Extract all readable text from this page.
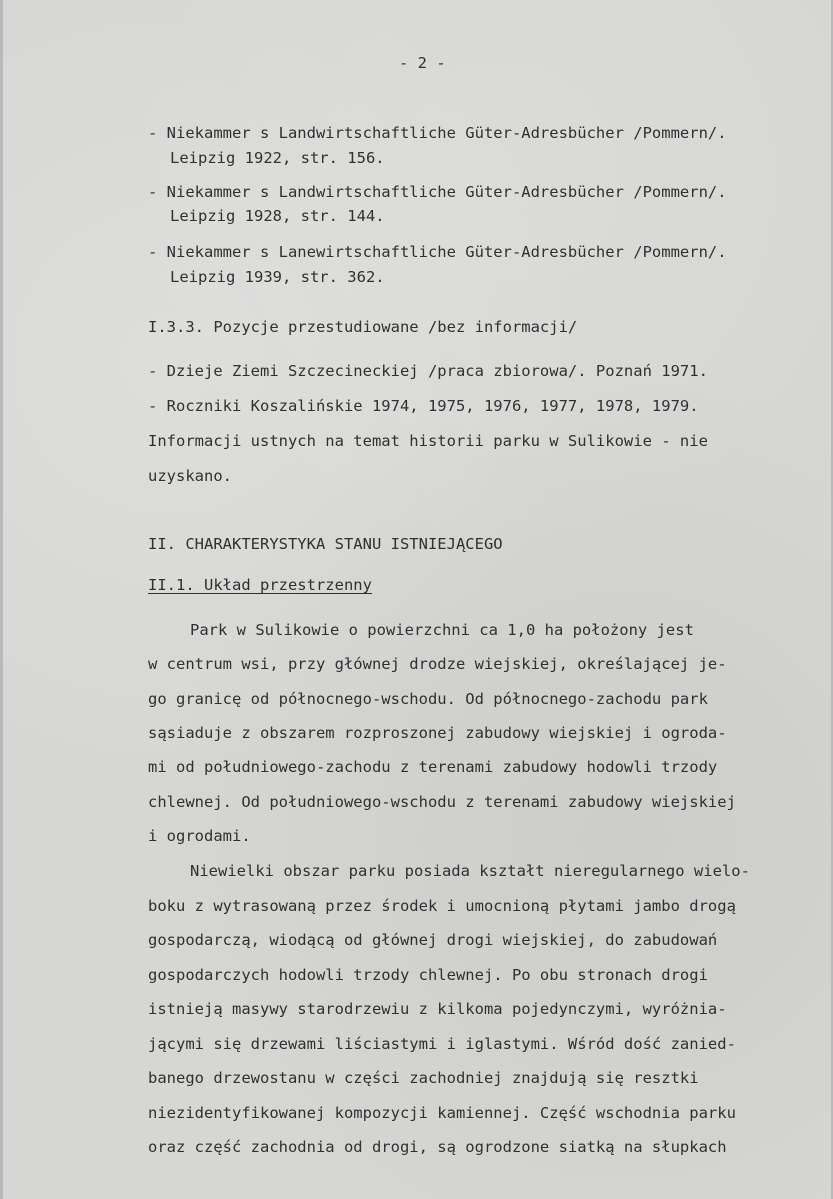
- 2 -

- Niekammer s Landwirtschaftliche Güter-Adresbücher /Pommern/.

Leipzig 1922, str. 156.

- Niekammer s Landwirtschaftliche Güter-Adresbücher /Pommern/.

Leipzig 1928, str. 144.

- Niekammer s Lanewirtschaftliche Güter-Adresbücher /Pommern/.

Leipzig 1939, str. 362.

I.3.3. Pozycje przestudiowane /bez informacji/

- Dzieje Ziemi Szczecineckiej /praca zbiorowa/. Poznań 1971.

- Roczniki Koszalińskie 1974, 1975, 1976, 1977, 1978, 1979.

Informacji ustnych na temat historii parku w Sulikowie - nie

uzyskano.

II. CHARAKTERYSTYKA STANU ISTNIEJĄCEGO

II.1. Układ przestrzenny

Park w Sulikowie o powierzchni ca 1,0 ha położony jest

w centrum wsi, przy głównej drodze wiejskiej, określającej je-

go granicę od północnego-wschodu. Od północnego-zachodu park

sąsiaduje z obszarem rozproszonej zabudowy wiejskiej i ogroda-

mi od południowego-zachodu z terenami zabudowy hodowli trzody

chlewnej. Od południowego-wschodu z terenami zabudowy wiejskiej

i ogrodami.

Niewielki obszar parku posiada kształt nieregularnego wielo-

boku z wytrasowaną przez środek i umocnioną płytami jambo drogą

gospodarczą, wiodącą od głównej drogi wiejskiej, do zabudowań

gospodarczych hodowli trzody chlewnej. Po obu stronach drogi

istnieją masywy starodrzewiu z kilkoma pojedynczymi, wyróżnia-

jącymi się drzewami liściastymi i iglastymi. Wśród dość zanied-

banego drzewostanu w części zachodniej znajdują się resztki

niezidentyfikowanej kompozycji kamiennej. Część wschodnia parku

oraz część zachodnia od drogi, są ogrodzone siatką na słupkach
